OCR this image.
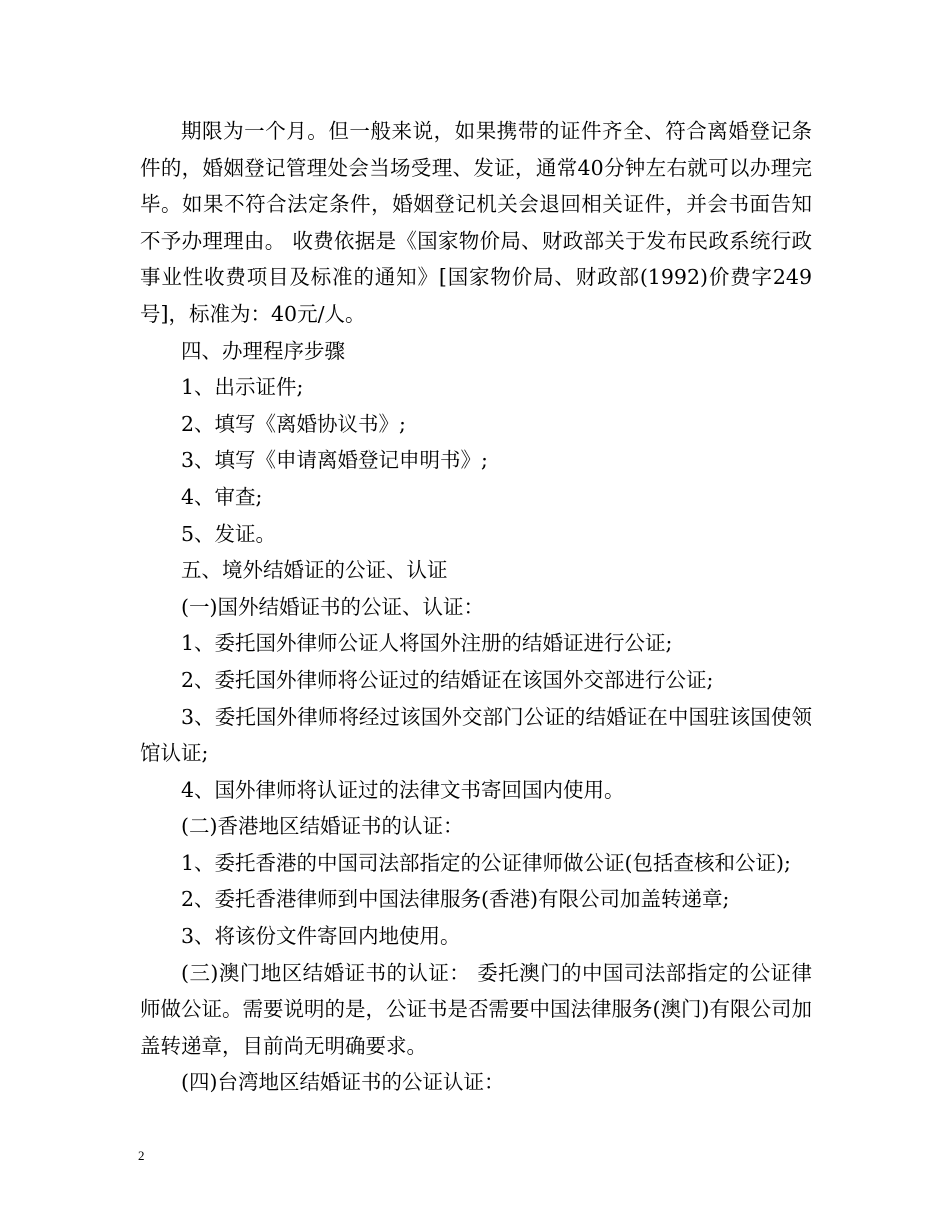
期限为一个月。但一般来说，如果携带的证件齐全、符合离婚登记条件的，婚姻登记管理处会当场受理、发证，通常40分钟左右就可以办理完毕。如果不符合法定条件，婚姻登记机关会退回相关证件，并会书面告知不予办理理由。 收费依据是《国家物价局、财政部关于发布民政系统行政事业性收费项目及标准的通知》[国家物价局、财政部(1992)价费字249号]，标准为：40元/人。

四、办理程序步骤

1、出示证件;

2、填写《离婚协议书》;

3、填写《申请离婚登记申明书》;

4、审查;

5、发证。

五、境外结婚证的公证、认证

(一)国外结婚证书的公证、认证：

1、委托国外律师公证人将国外注册的结婚证进行公证;

2、委托国外律师将公证过的结婚证在该国外交部进行公证;

3、委托国外律师将经过该国外交部门公证的结婚证在中国驻该国使领馆认证;

4、国外律师将认证过的法律文书寄回国内使用。

(二)香港地区结婚证书的认证：

1、委托香港的中国司法部指定的公证律师做公证(包括查核和公证);

2、委托香港律师到中国法律服务(香港)有限公司加盖转递章;

3、将该份文件寄回内地使用。

(三)澳门地区结婚证书的认证： 委托澳门的中国司法部指定的公证律师做公证。需要说明的是，公证书是否需要中国法律服务(澳门)有限公司加盖转递章，目前尚无明确要求。

(四)台湾地区结婚证书的公证认证：

2
